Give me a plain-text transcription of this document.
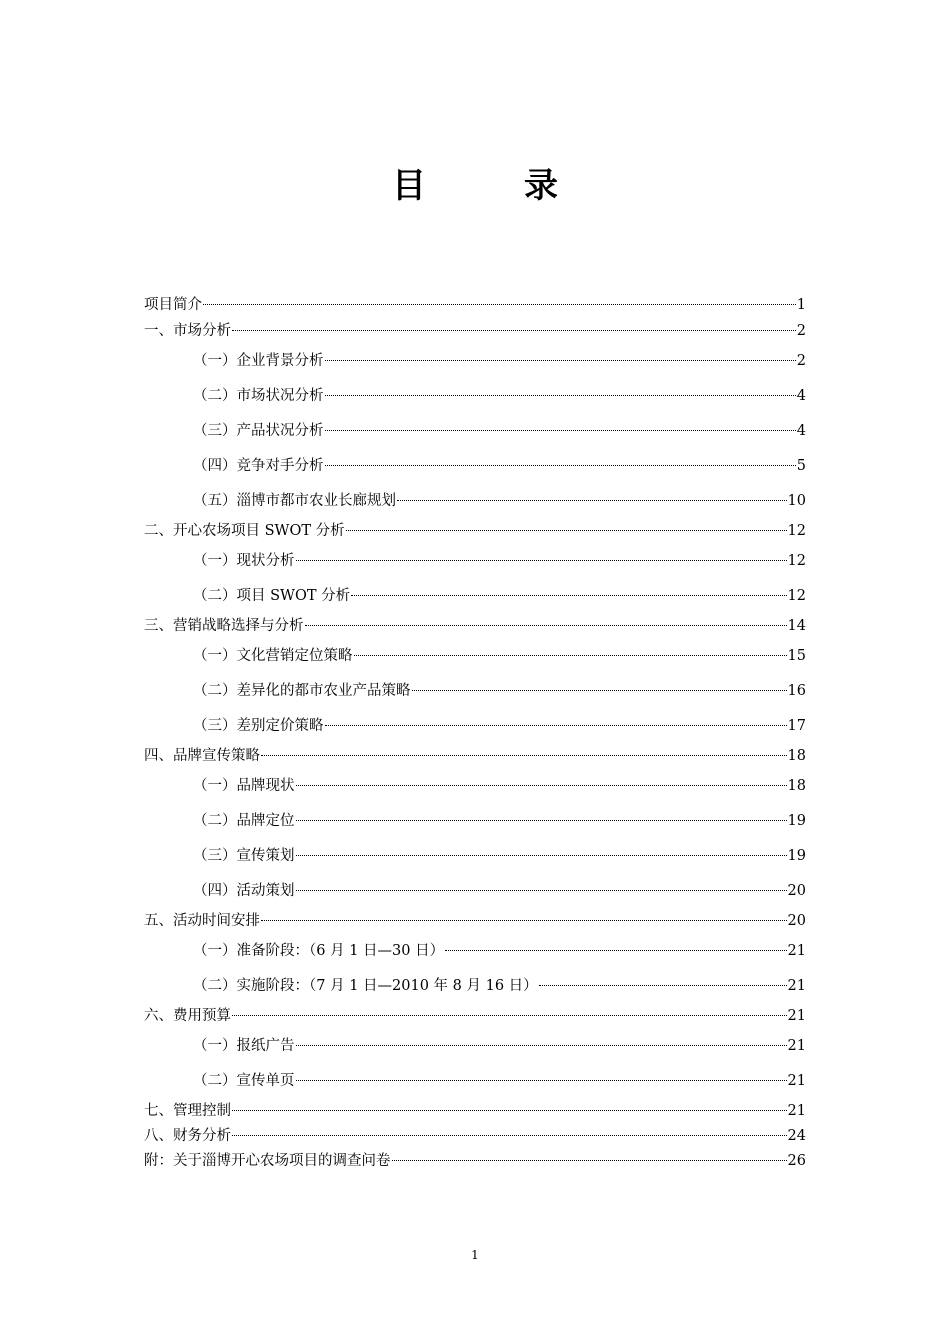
目　录
项目简介	1
一、市场分析	2
（一）企业背景分析	2
（二）市场状况分析	4
（三）产品状况分析	4
（四）竞争对手分析	5
（五）淄博市都市农业长廊规划	10
二、开心农场项目 SWOT 分析	12
（一）现状分析	12
（二）项目 SWOT 分析	12
三、营销战略选择与分析	14
（一）文化营销定位策略	15
（二）差异化的都市农业产品策略	16
（三）差别定价策略	17
四、品牌宣传策略	18
（一）品牌现状	18
（二）品牌定位	19
（三）宣传策划	19
（四）活动策划	20
五、活动时间安排	20
（一）准备阶段：（6 月 1 日—30 日）	21
（二）实施阶段：（7 月 1 日—2010 年 8 月 16 日）	21
六、费用预算	21
（一）报纸广告	21
（二）宣传单页	21
七、管理控制	21
八、财务分析	24
附：关于淄博开心农场项目的调查问卷	26
1
